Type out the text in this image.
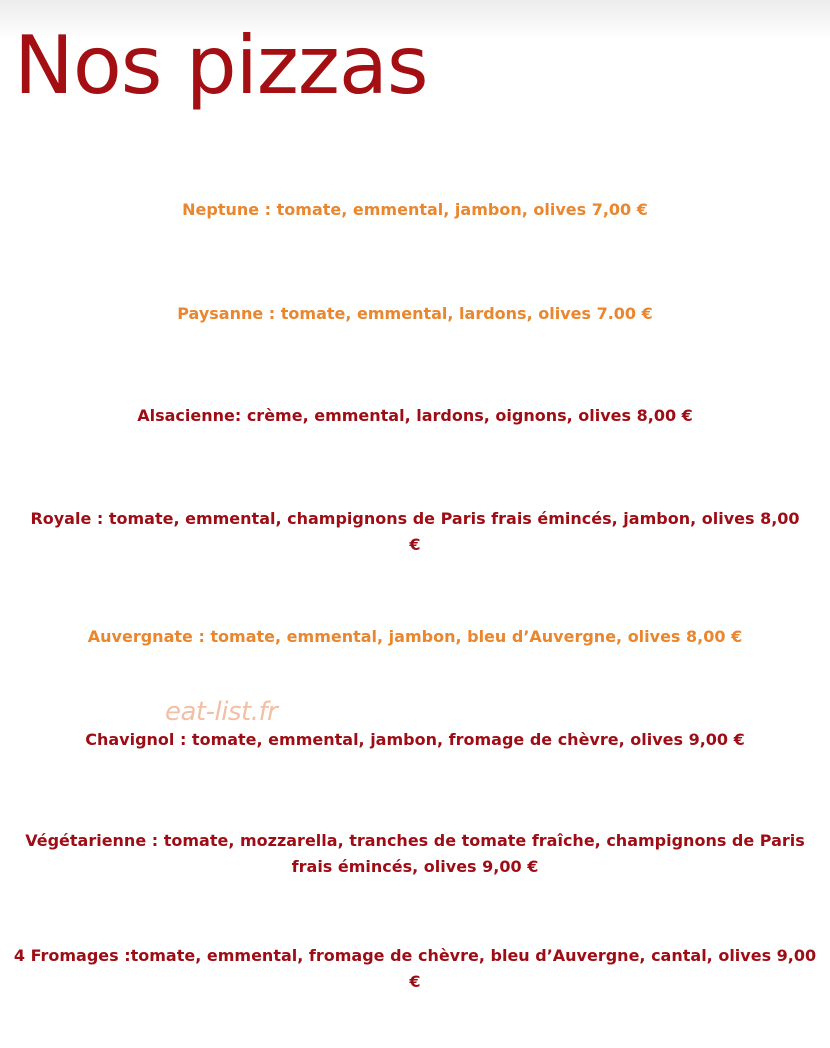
Nos pizzas

Neptune : tomate, emmental, jambon, olives 7,00 €

Paysanne : tomate, emmental, lardons, olives 7.00 €

Alsacienne: crème, emmental, lardons, oignons, olives 8,00 €

Royale : tomate, emmental, champignons de Paris frais émincés, jambon, olives 8,00 €

Auvergnate : tomate, emmental, jambon, bleu d’Auvergne, olives 8,00 €

eat-list.fr

Chavignol : tomate, emmental, jambon, fromage de chèvre, olives 9,00 €

Végétarienne : tomate, mozzarella, tranches de tomate fraîche, champignons de Paris frais émincés, olives 9,00 €

4 Fromages :tomate, emmental, fromage de chèvre, bleu d’Auvergne, cantal, olives 9,00 €
